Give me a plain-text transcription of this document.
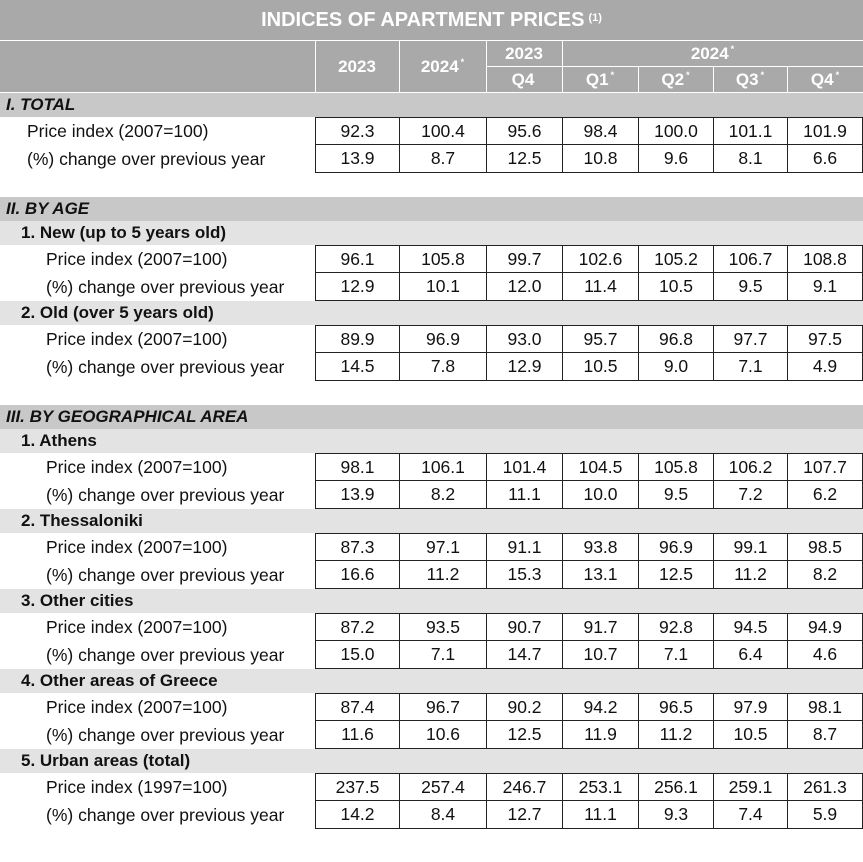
INDICES OF APARTMENT PRICES $^{(1)}$
	2023	2024 *	2023	2024 *
			Q4	Q1 *	Q2 *	Q3 *	Q4 *
I. TOTAL
Price index (2007=100)	92.3	100.4	95.6	98.4	100.0	101.1	101.9
(%) change over previous year	13.9	8.7	12.5	10.8	9.6	8.1	6.6
II. BY AGE
1. New (up to 5 years old)
Price index (2007=100)	96.1	105.8	99.7	102.6	105.2	106.7	108.8
(%) change over previous year	12.9	10.1	12.0	11.4	10.5	9.5	9.1
2. Old (over 5 years old)
Price index (2007=100)	89.9	96.9	93.0	95.7	96.8	97.7	97.5
(%) change over previous year	14.5	7.8	12.9	10.5	9.0	7.1	4.9
III. BY GEOGRAPHICAL AREA
1. Athens
Price index (2007=100)	98.1	106.1	101.4	104.5	105.8	106.2	107.7
(%) change over previous year	13.9	8.2	11.1	10.0	9.5	7.2	6.2
2. Thessaloniki
Price index (2007=100)	87.3	97.1	91.1	93.8	96.9	99.1	98.5
(%) change over previous year	16.6	11.2	15.3	13.1	12.5	11.2	8.2
3. Other cities
Price index (2007=100)	87.2	93.5	90.7	91.7	92.8	94.5	94.9
(%) change over previous year	15.0	7.1	14.7	10.7	7.1	6.4	4.6
4. Other areas of Greece
Price index (2007=100)	87.4	96.7	90.2	94.2	96.5	97.9	98.1
(%) change over previous year	11.6	10.6	12.5	11.9	11.2	10.5	8.7
5. Urban areas (total)
Price index (1997=100)	237.5	257.4	246.7	253.1	256.1	259.1	261.3
(%) change over previous year	14.2	8.4	12.7	11.1	9.3	7.4	5.9
